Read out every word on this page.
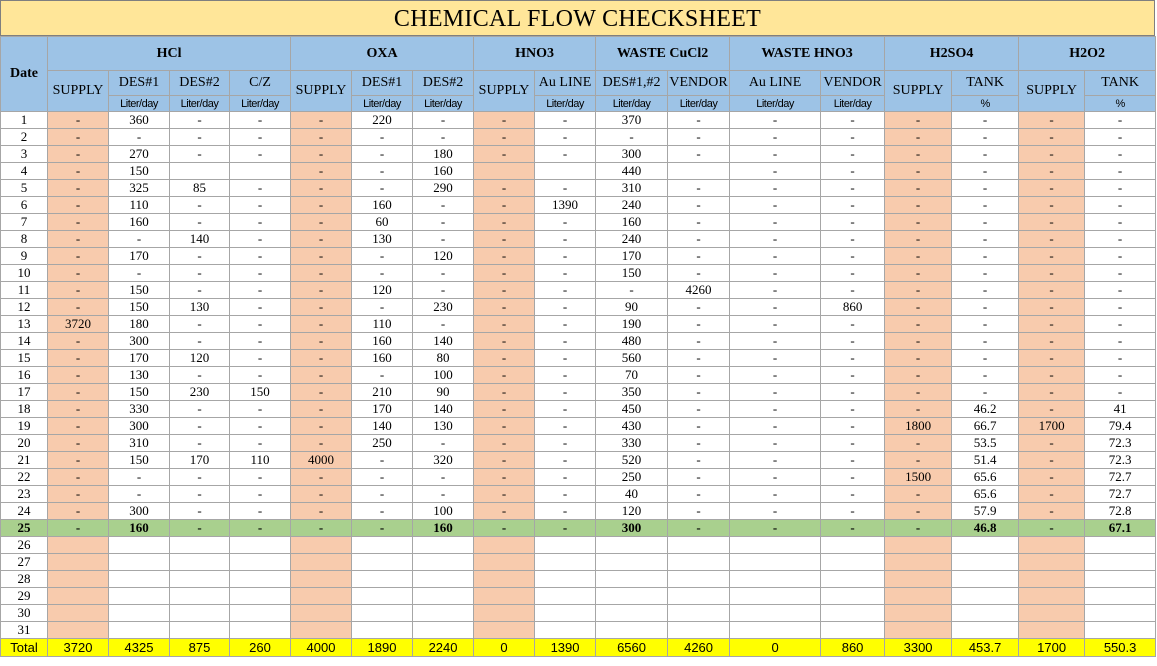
CHEMICAL FLOW CHECKSHEET
Date	HCl				OXA			HNO3		WASTE CuCl2		WASTE HNO3		H2SO4		H2O2	
	SUPPLY	DES#1	DES#2	C/Z	SUPPLY	DES#1	DES#2	SUPPLY	Au LINE	DES#1,#2	VENDOR	Au LINE	VENDOR	SUPPLY	TANK	SUPPLY	TANK
		Liter/day	Liter/day	Liter/day		Liter/day	Liter/day		Liter/day	Liter/day	Liter/day	Liter/day	Liter/day		%		%
1	-	360	-	-	-	220	-	-	-	370	-	-	-	-	-	-	-
2	-	-	-	-	-	-	-	-	-	-	-	-	-	-	-	-	-
3	-	270	-	-	-	-	180	-	-	300	-	-	-	-	-	-	-
4	-	150			-	-	160			440		-	-	-	-	-	-
5	-	325	85	-	-	-	290	-	-	310	-	-	-	-	-	-	-
6	-	110	-	-	-	160	-	-	1390	240	-	-	-	-	-	-	-
7	-	160	-	-	-	60	-	-	-	160	-	-	-	-	-	-	-
8	-	-	140	-	-	130	-	-	-	240	-	-	-	-	-	-	-
9	-	170	-	-	-	-	120	-	-	170	-	-	-	-	-	-	-
10	-	-	-	-	-	-	-	-	-	150	-	-	-	-	-	-	-
11	-	150	-	-	-	120	-	-	-	-	4260	-	-	-	-	-	-
12	-	150	130	-	-	-	230	-	-	90	-	-	860	-	-	-	-
13	3720	180	-	-	-	110	-	-	-	190	-	-	-	-	-	-	-
14	-	300	-	-	-	160	140	-	-	480	-	-	-	-	-	-	-
15	-	170	120	-	-	160	80	-	-	560	-	-	-	-	-	-	-
16	-	130	-	-	-	-	100	-	-	70	-	-	-	-	-	-	-
17	-	150	230	150	-	210	90	-	-	350	-	-	-	-	-	-	-
18	-	330	-	-	-	170	140	-	-	450	-	-	-	-	46.2	-	41
19	-	300	-	-	-	140	130	-	-	430	-	-	-	1800	66.7	1700	79.4
20	-	310	-	-	-	250	-	-	-	330	-	-	-	-	53.5	-	72.3
21	-	150	170	110	4000	-	320	-	-	520	-	-	-	-	51.4	-	72.3
22	-	-	-	-	-	-	-	-	-	250	-	-	-	1500	65.6	-	72.7
23	-	-	-	-	-	-	-	-	-	40	-	-	-	-	65.6	-	72.7
24	-	300	-	-	-	-	100	-	-	120	-	-	-	-	57.9	-	72.8
25	-	160	-	-	-	-	160	-	-	300	-	-	-	-	46.8	-	67.1
26																	
27																	
28																	
29																	
30																	
31																	
Total	3720	4325	875	260	4000	1890	2240	0	1390	6560	4260	0	860	3300	453.7	1700	550.3
